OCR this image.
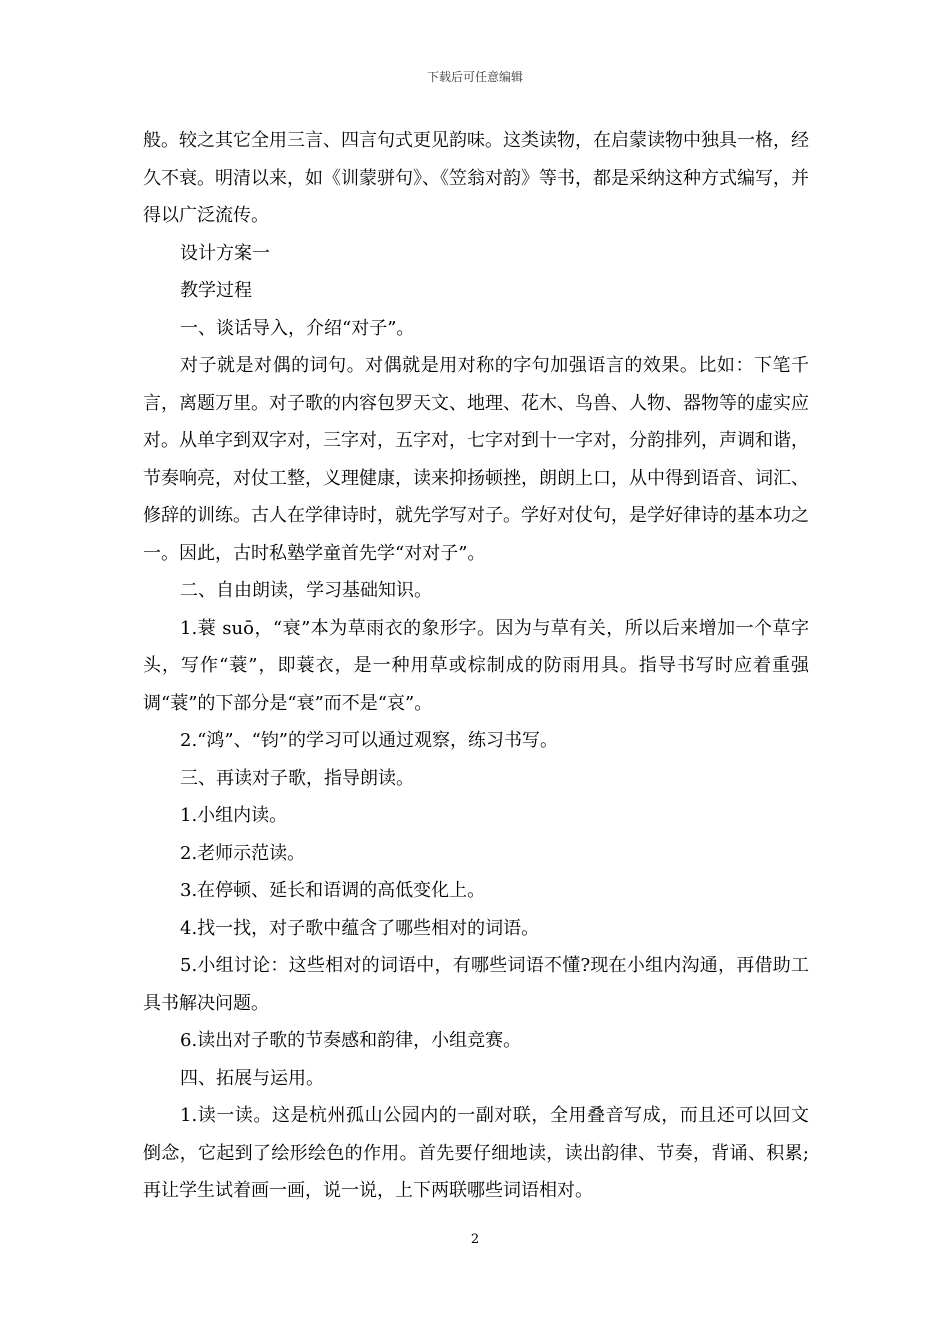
下载后可任意编辑

般。较之其它全用三言、四言句式更见韵味。这类读物，在启蒙读物中独具一格，经久不衰。明清以来，如《训蒙骈句》、《笠翁对韵》等书，都是采纳这种方式编写，并得以广泛流传。

设计方案一

教学过程

一、谈话导入，介绍“对子”。

对子就是对偶的词句。对偶就是用对称的字句加强语言的效果。比如：下笔千言，离题万里。对子歌的内容包罗天文、地理、花木、鸟兽、人物、器物等的虚实应对。从单字到双字对，三字对，五字对，七字对到十一字对，分韵排列，声调和谐，节奏响亮，对仗工整，义理健康，读来抑扬顿挫，朗朗上口，从中得到语音、词汇、修辞的训练。古人在学律诗时，就先学写对子。学好对仗句，是学好律诗的基本功之一。因此，古时私塾学童首先学“对对子”。

二、自由朗读，学习基础知识。

1.蓑 suō，“衰”本为草雨衣的象形字。因为与草有关，所以后来增加一个草字头，写作“蓑”，即蓑衣，是一种用草或棕制成的防雨用具。指导书写时应着重强调“蓑”的下部分是“衰”而不是“哀”。

2.“鸿”、“钧”的学习可以通过观察，练习书写。

三、再读对子歌，指导朗读。

1.小组内读。

2.老师示范读。

3.在停顿、延长和语调的高低变化上。

4.找一找，对子歌中蕴含了哪些相对的词语。

5.小组讨论：这些相对的词语中，有哪些词语不懂?现在小组内沟通，再借助工具书解决问题。

6.读出对子歌的节奏感和韵律，小组竞赛。

四、拓展与运用。

1.读一读。这是杭州孤山公园内的一副对联，全用叠音写成，而且还可以回文倒念，它起到了绘形绘色的作用。首先要仔细地读，读出韵律、节奏，背诵、积累;再让学生试着画一画，说一说，上下两联哪些词语相对。

2
